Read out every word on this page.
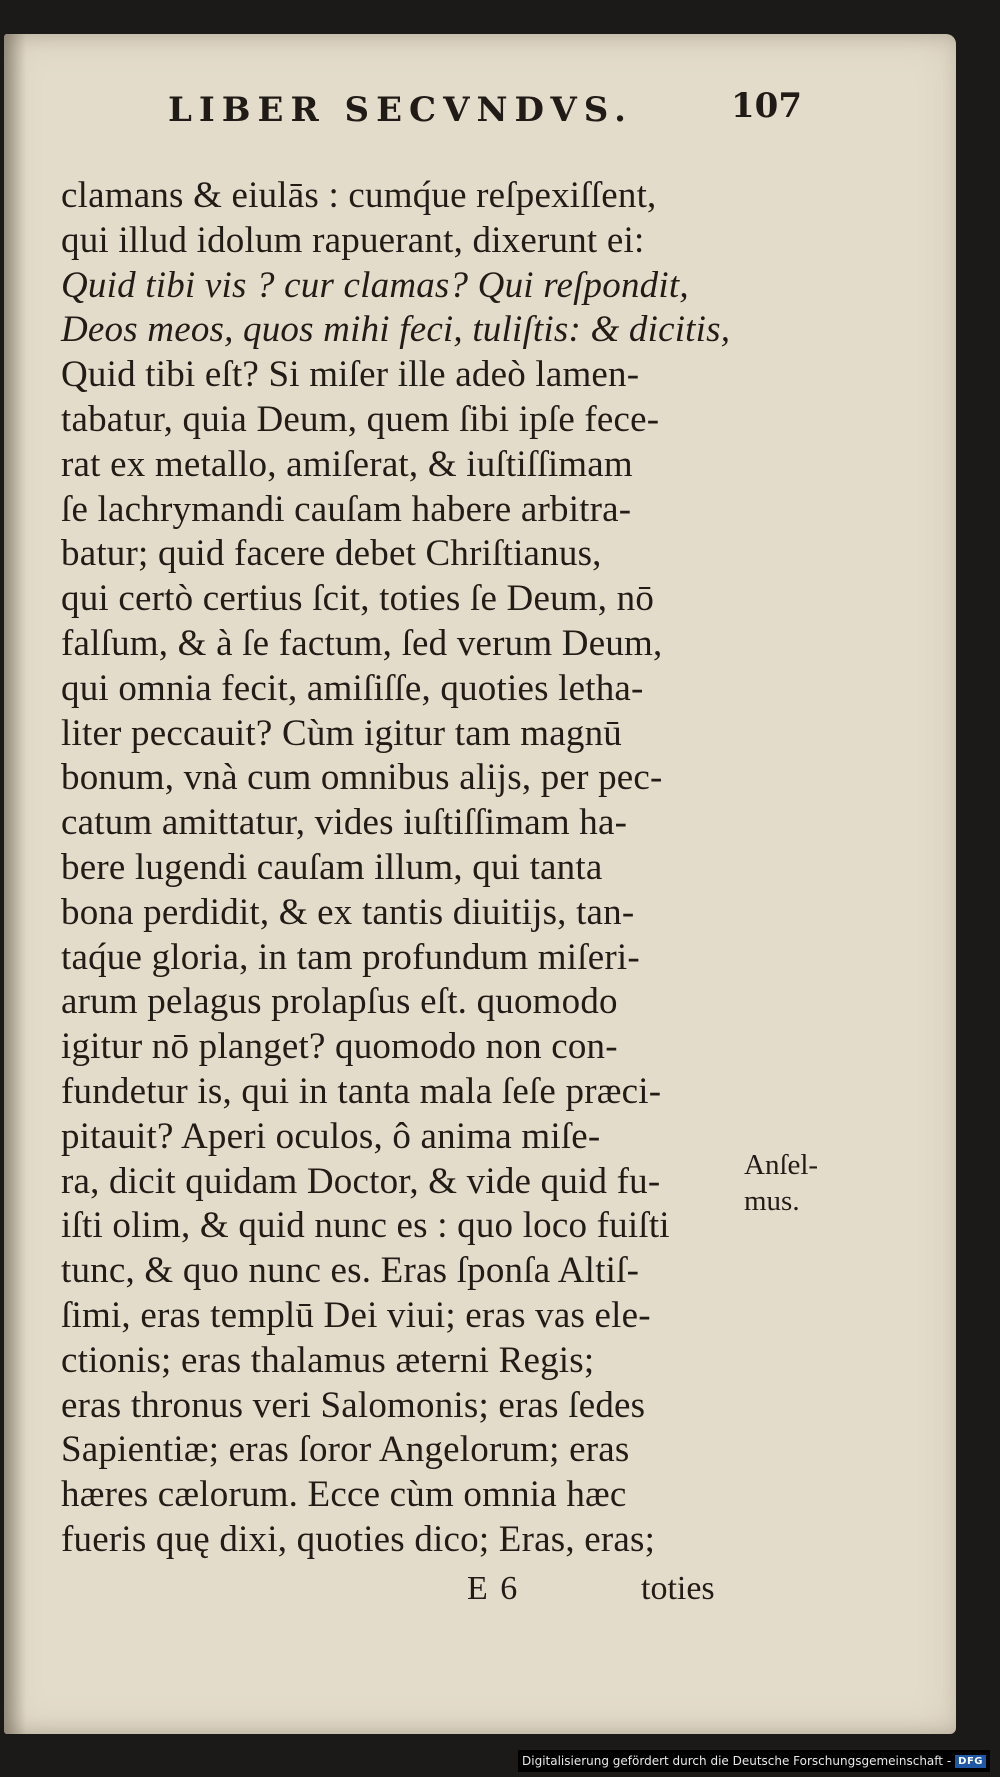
LIBER SECVNDVS.	107
clamans & eiulās : cumq́ue reſpexiſſent,
qui illud idolum rapuerant, dixerunt ei:
Quid tibi vis ? cur clamas? Qui reſpondit,
Deos meos, quos mihi feci, tuliſtis: & dicitis,
Quid tibi eſt? Si miſer ille adeò lamen-
tabatur, quia Deum, quem ſibi ipſe fece-
rat ex metallo, amiſerat, & iuſtiſſimam
ſe lachrymandi cauſam habere arbitra-
batur; quid facere debet Chriſtianus,
qui certò certius ſcit, toties ſe Deum, nō
falſum, & à ſe factum, ſed verum Deum,
qui omnia fecit, amiſiſſe, quoties letha-
liter peccauit? Cùm igitur tam magnū
bonum, vnà cum omnibus alijs, per pec-
catum amittatur, vides iuſtiſſimam ha-
bere lugendi cauſam illum, qui tanta
bona perdidit, & ex tantis diuitijs, tan-
taq́ue gloria, in tam profundum miſeri-
arum pelagus prolapſus eſt. quomodo
igitur nō planget? quomodo non con-
fundetur is, qui in tanta mala ſeſe præci-
pitauit? Aperi oculos, ô anima miſe-
ra, dicit quidam Doctor, & vide quid fu-
iſti olim, & quid nunc es : quo loco fuiſti
tunc, & quo nunc es. Eras ſponſa Altiſ-
ſimi, eras templū Dei viui; eras vas ele-
ctionis; eras thalamus æterni Regis;
eras thronus veri Salomonis; eras ſedes
Sapientiæ; eras ſoror Angelorum; eras
hæres cælorum. Ecce cùm omnia hæc
fueris quę dixi, quoties dico; Eras, eras;
Anſel-
mus.
E 6	toties
Digitalisierung gefördert durch die Deutsche Forschungsgemeinschaft - DFG
